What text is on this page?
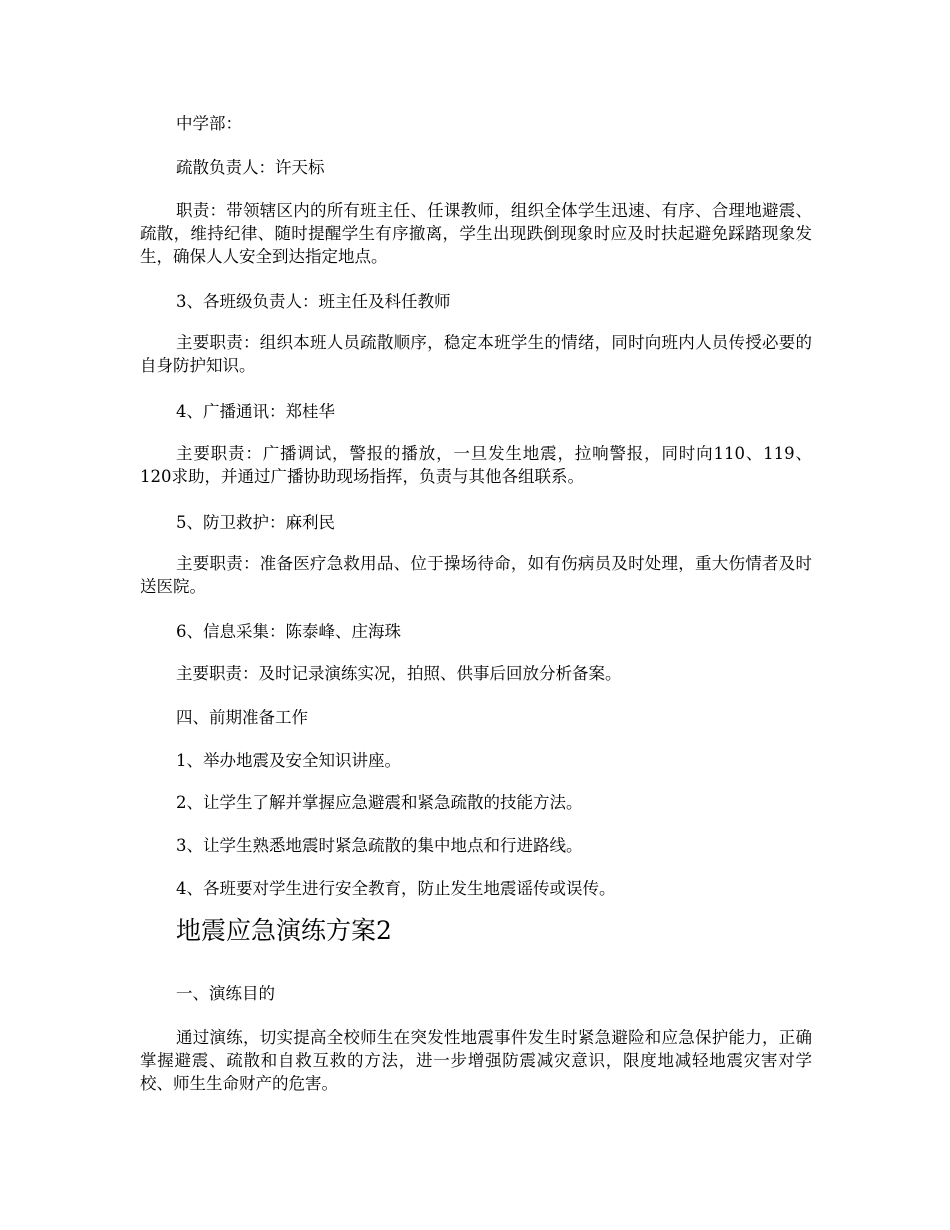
中学部：

疏散负责人：许天标

职责：带领辖区内的所有班主任、任课教师，组织全体学生迅速、有序、合理地避震、疏散，维持纪律、随时提醒学生有序撤离，学生出现跌倒现象时应及时扶起避免踩踏现象发生，确保人人安全到达指定地点。

3、各班级负责人：班主任及科任教师

主要职责：组织本班人员疏散顺序，稳定本班学生的情绪，同时向班内人员传授必要的自身防护知识。

4、广播通讯：郑桂华

主要职责：广播调试，警报的播放，一旦发生地震，拉响警报，同时向110、119、120求助，并通过广播协助现场指挥，负责与其他各组联系。

5、防卫救护：麻利民

主要职责：准备医疗急救用品、位于操场待命，如有伤病员及时处理，重大伤情者及时送医院。

6、信息采集：陈泰峰、庄海珠

主要职责：及时记录演练实况，拍照、供事后回放分析备案。

四、前期准备工作

1、举办地震及安全知识讲座。

2、让学生了解并掌握应急避震和紧急疏散的技能方法。

3、让学生熟悉地震时紧急疏散的集中地点和行进路线。

4、各班要对学生进行安全教育，防止发生地震谣传或误传。

地震应急演练方案2

一、演练目的

通过演练，切实提高全校师生在突发性地震事件发生时紧急避险和应急保护能力，正确掌握避震、疏散和自救互救的方法，进一步增强防震减灾意识，限度地减轻地震灾害对学校、师生生命财产的危害。
